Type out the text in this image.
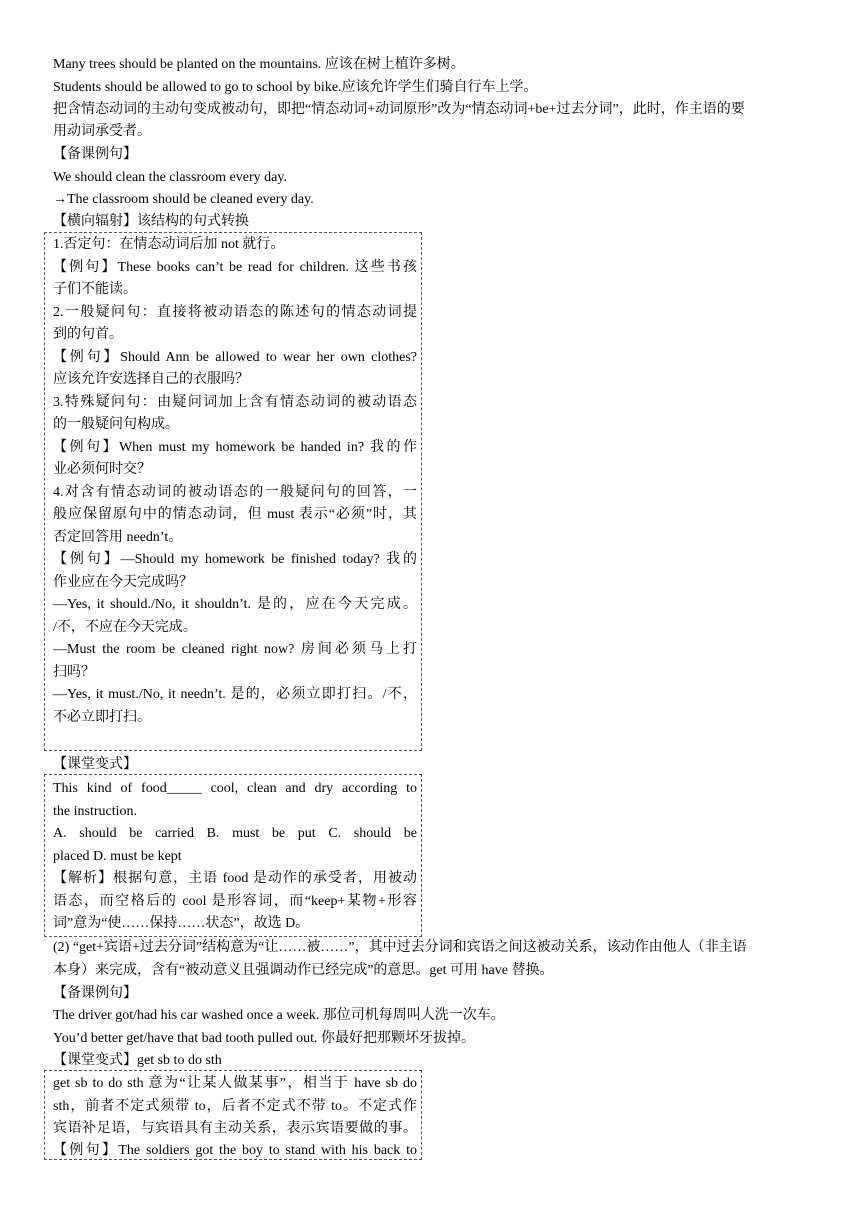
Many trees should be planted on the mountains. 应该在树上植许多树。
Students should be allowed to go to school by bike.应该允许学生们骑自行车上学。
把含情态动词的主动句变成被动句，即把“情态动词+动词原形”改为“情态动词+be+过去分词”，此时，作主语的要
用动词承受者。
【备课例句】
We should clean the classroom every day.
→The classroom should be cleaned every day.
【横向辐射】该结构的句式转换
1.否定句：在情态动词后加 not 就行。
【例句】These books can’t be read for children. 这些书孩
子们不能读。
2.一般疑问句：直接将被动语态的陈述句的情态动词提
到的句首。
【例句】Should Ann be allowed to wear her own clothes?
应该允许安选择自己的衣服吗？
3.特殊疑问句：由疑问词加上含有情态动词的被动语态
的一般疑问句构成。
【例句】When must my homework be handed in? 我的作
业必须何时交？
4.对含有情态动词的被动语态的一般疑问句的回答，一
般应保留原句中的情态动词，但 must 表示“必须”时，其
否定回答用 needn’t。
【例句】—Should my homework be finished today? 我的
作业应在今天完成吗？
—Yes, it should./No, it shouldn’t. 是的，应在今天完成。
/不，不应在今天完成。
—Must the room be cleaned right now? 房间必须马上打
扫吗？
—Yes, it must./No, it needn’t. 是的，必须立即打扫。/不，
不必立即打扫。
【课堂变式】
This kind of food_____ cool, clean and dry according to
the instruction.
A. should be carried B. must be put C. should be
placed D. must be kept
【解析】根据句意，主语 food 是动作的承受者，用被动
语态，而空格后的 cool 是形容词，而“keep+某物+形容
词”意为“使……保持……状态”，故选 D。
(2) “get+宾语+过去分词”结构意为“让……被……”，其中过去分词和宾语之间这被动关系，该动作由他人（非主语
本身）来完成，含有“被动意义且强调动作已经完成”的意思。get 可用 have 替换。
【备课例句】
The driver got/had his car washed once a week. 那位司机每周叫人洗一次车。
You’d better get/have that bad tooth pulled out. 你最好把那颗坏牙拔掉。
【课堂变式】get sb to do sth
get sb to do sth 意为“让某人做某事”，相当于 have sb do
sth，前者不定式须带 to，后者不定式不带 to。不定式作
宾语补足语，与宾语具有主动关系，表示宾语要做的事。
【例句】The soldiers got the boy to stand with his back to
